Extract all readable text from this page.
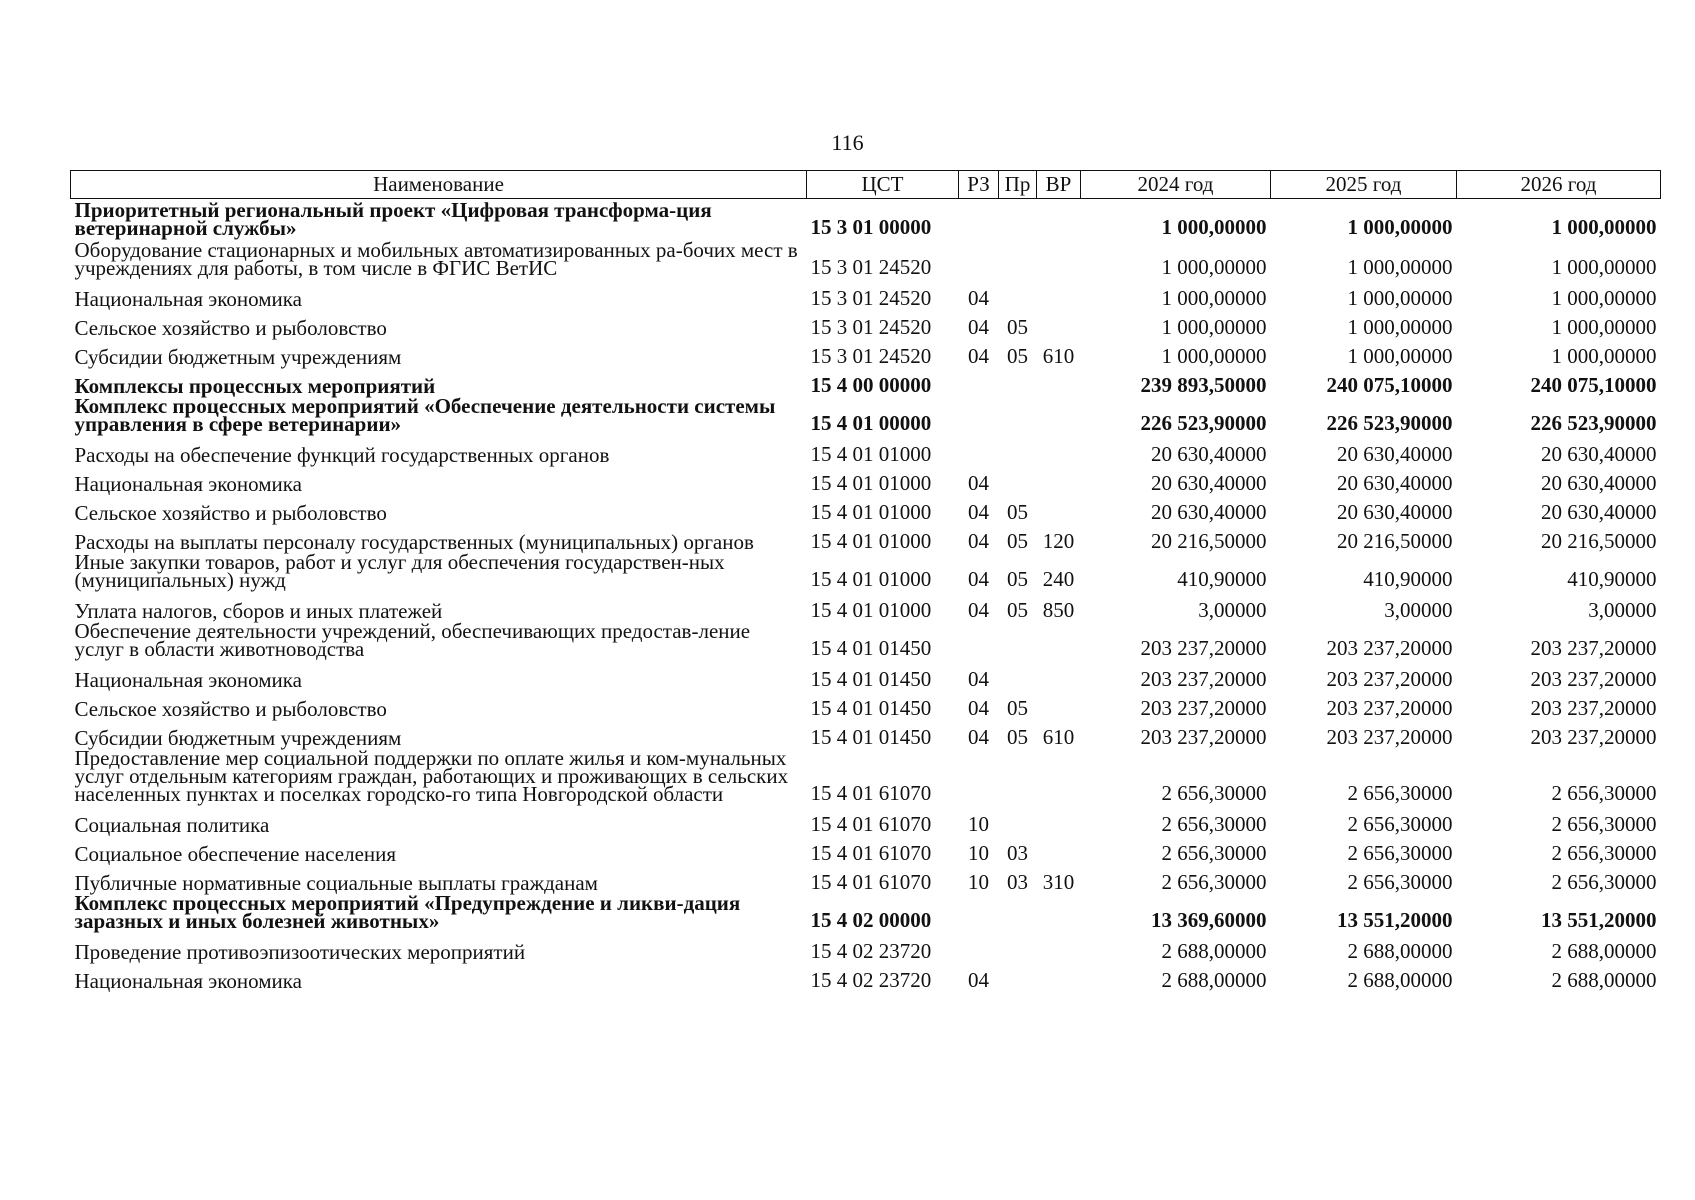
116
Наименование	ЦСТ	РЗ	Пр	ВР	2024 год	2025 год	2026 год
Приоритетный региональный проект «Цифровая трансформа-ция ветеринарной службы»	15 3 01 00000				1 000,00000	1 000,00000	1 000,00000
Оборудование стационарных и мобильных автоматизированных ра-бочих мест в учреждениях для работы, в том числе в ФГИС ВетИС	15 3 01 24520				1 000,00000	1 000,00000	1 000,00000
Национальная экономика	15 3 01 24520	04			1 000,00000	1 000,00000	1 000,00000
Сельское хозяйство и рыболовство	15 3 01 24520	04	05		1 000,00000	1 000,00000	1 000,00000
Субсидии бюджетным учреждениям	15 3 01 24520	04	05	610	1 000,00000	1 000,00000	1 000,00000
Комплексы процессных мероприятий	15 4 00 00000				239 893,50000	240 075,10000	240 075,10000
Комплекс процессных мероприятий «Обеспечение деятельности системы управления в сфере ветеринарии»	15 4 01 00000				226 523,90000	226 523,90000	226 523,90000
Расходы на обеспечение функций государственных органов	15 4 01 01000				20 630,40000	20 630,40000	20 630,40000
Национальная экономика	15 4 01 01000	04			20 630,40000	20 630,40000	20 630,40000
Сельское хозяйство и рыболовство	15 4 01 01000	04	05		20 630,40000	20 630,40000	20 630,40000
Расходы на выплаты персоналу государственных (муниципальных) органов	15 4 01 01000	04	05	120	20 216,50000	20 216,50000	20 216,50000
Иные закупки товаров, работ и услуг для обеспечения государствен-ных (муниципальных) нужд	15 4 01 01000	04	05	240	410,90000	410,90000	410,90000
Уплата налогов, сборов и иных платежей	15 4 01 01000	04	05	850	3,00000	3,00000	3,00000
Обеспечение деятельности учреждений, обеспечивающих предостав-ление услуг в области животноводства	15 4 01 01450				203 237,20000	203 237,20000	203 237,20000
Национальная экономика	15 4 01 01450	04			203 237,20000	203 237,20000	203 237,20000
Сельское хозяйство и рыболовство	15 4 01 01450	04	05		203 237,20000	203 237,20000	203 237,20000
Субсидии бюджетным учреждениям	15 4 01 01450	04	05	610	203 237,20000	203 237,20000	203 237,20000
Предоставление мер социальной поддержки по оплате жилья и ком-мунальных услуг отдельным категориям граждан, работающих и проживающих в сельских населенных пунктах и поселках городско-го типа Новгородской области	15 4 01 61070				2 656,30000	2 656,30000	2 656,30000
Социальная политика	15 4 01 61070	10			2 656,30000	2 656,30000	2 656,30000
Социальное обеспечение населения	15 4 01 61070	10	03		2 656,30000	2 656,30000	2 656,30000
Публичные нормативные социальные выплаты гражданам	15 4 01 61070	10	03	310	2 656,30000	2 656,30000	2 656,30000
Комплекс процессных мероприятий «Предупреждение и ликви-дация заразных и иных болезней животных»	15 4 02 00000				13 369,60000	13 551,20000	13 551,20000
Проведение противоэпизоотических мероприятий	15 4 02 23720				2 688,00000	2 688,00000	2 688,00000
Национальная экономика	15 4 02 23720	04			2 688,00000	2 688,00000	2 688,00000
